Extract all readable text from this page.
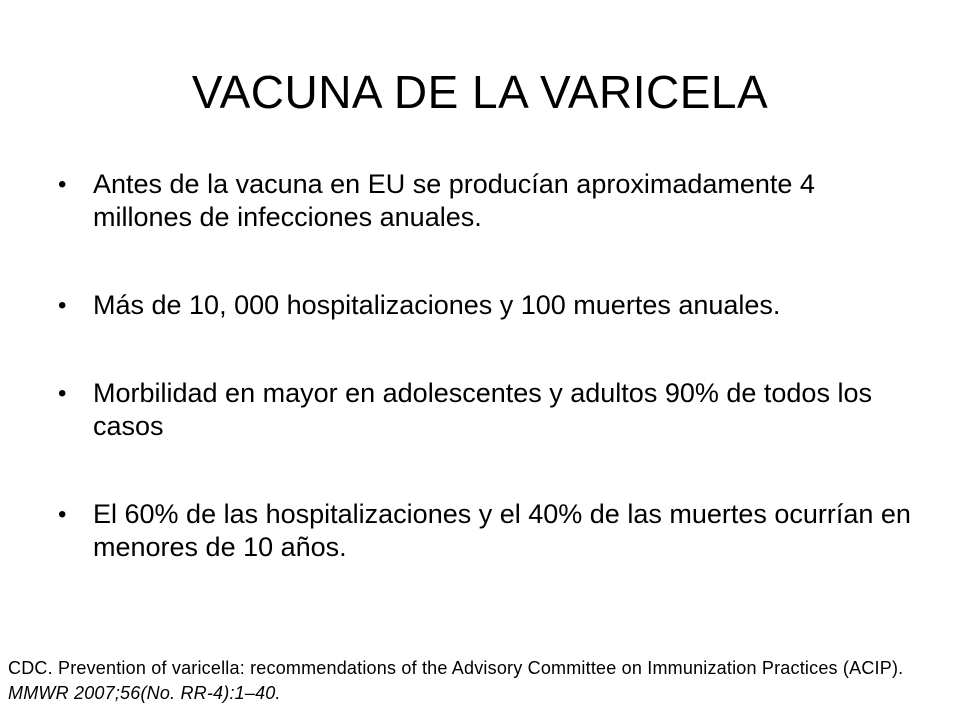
VACUNA DE LA VARICELA
• Antes de la vacuna en EU se producían aproximadamente 4 millones de infecciones anuales.
• Más de 10, 000 hospitalizaciones y 100 muertes anuales.
• Morbilidad en mayor en adolescentes y adultos 90% de todos los casos
• El 60% de las hospitalizaciones y el 40% de las muertes ocurrían en menores de 10 años.
CDC. Prevention of varicella: recommendations of the Advisory Committee on Immunization Practices (ACIP). MMWR 2007;56(No. RR-4):1–40.
